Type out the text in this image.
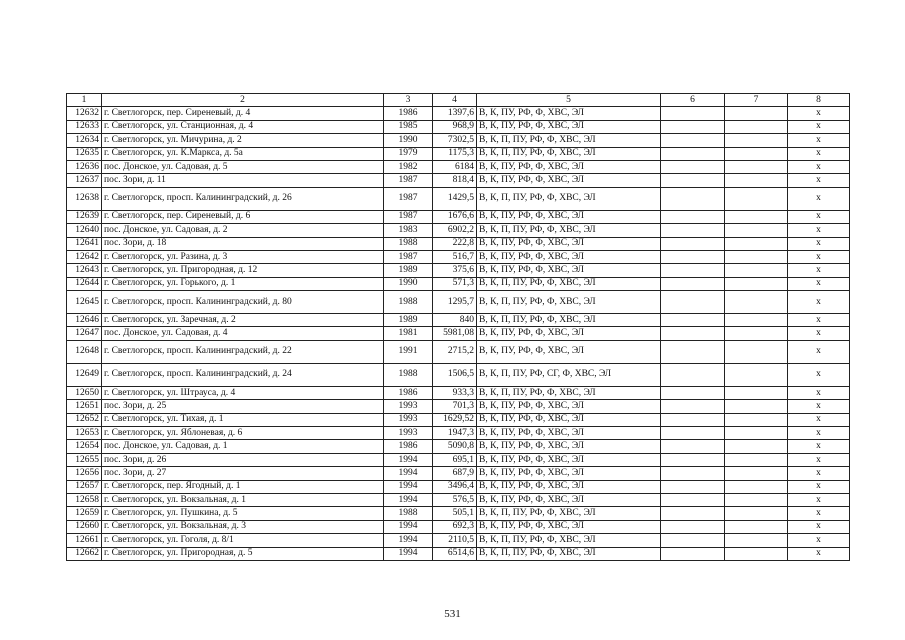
1	2	3	4	5	6	7	8
12632	г. Светлогорск, пер. Сиреневый, д. 4	1986	1397,6	В, К, ПУ, РФ, Ф, ХВС, ЭЛ			х
12633	г. Светлогорск, ул. Станционная, д. 4	1985	968,9	В, К, ПУ, РФ, Ф, ХВС, ЭЛ			х
12634	г. Светлогорск, ул. Мичурина, д. 2	1990	7302,5	В, К, П, ПУ, РФ, Ф, ХВС, ЭЛ			х
12635	г. Светлогорск, ул. К.Маркса, д. 5а	1979	1175,3	В, К, П, ПУ, РФ, Ф, ХВС, ЭЛ			х
12636	пос. Донское, ул. Садовая, д. 5	1982	6184	В, К, ПУ, РФ, Ф, ХВС, ЭЛ			х
12637	пос. Зори, д. 11	1987	818,4	В, К, ПУ, РФ, Ф, ХВС, ЭЛ			х
12638	г. Светлогорск, просп. Калининградский, д. 26	1987	1429,5	В, К, П, ПУ, РФ, Ф, ХВС, ЭЛ			х
12639	г. Светлогорск, пер. Сиреневый, д. 6	1987	1676,6	В, К, ПУ, РФ, Ф, ХВС, ЭЛ			х
12640	пос. Донское, ул. Садовая, д. 2	1983	6902,2	В, К, П, ПУ, РФ, Ф, ХВС, ЭЛ			х
12641	пос. Зори, д. 18	1988	222,8	В, К, ПУ, РФ, Ф, ХВС, ЭЛ			х
12642	г. Светлогорск, ул. Разина, д. 3	1987	516,7	В, К, ПУ, РФ, Ф, ХВС, ЭЛ			х
12643	г. Светлогорск, ул. Пригородная, д. 12	1989	375,6	В, К, ПУ, РФ, Ф, ХВС, ЭЛ			х
12644	г. Светлогорск, ул. Горького, д. 1	1990	571,3	В, К, П, ПУ, РФ, Ф, ХВС, ЭЛ			х
12645	г. Светлогорск, просп. Калининградский, д. 80	1988	1295,7	В, К, П, ПУ, РФ, Ф, ХВС, ЭЛ			х
12646	г. Светлогорск, ул. Заречная, д. 2	1989	840	В, К, П, ПУ, РФ, Ф, ХВС, ЭЛ			х
12647	пос. Донское, ул. Садовая, д. 4	1981	5981,08	В, К, ПУ, РФ, Ф, ХВС, ЭЛ			х
12648	г. Светлогорск, просп. Калининградский, д. 22	1991	2715,2	В, К, ПУ, РФ, Ф, ХВС, ЭЛ			х
12649	г. Светлогорск, просп. Калининградский, д. 24	1988	1506,5	В, К, П, ПУ, РФ, СГ, Ф, ХВС, ЭЛ			х
12650	г. Светлогорск, ул. Штрауса, д. 4	1986	933,3	В, К, П, ПУ, РФ, Ф, ХВС, ЭЛ			х
12651	пос. Зори, д. 25	1993	701,3	В, К, ПУ, РФ, Ф, ХВС, ЭЛ			х
12652	г. Светлогорск, ул. Тихая, д. 1	1993	1629,52	В, К, ПУ, РФ, Ф, ХВС, ЭЛ			х
12653	г. Светлогорск, ул. Яблоневая, д. 6	1993	1947,3	В, К, ПУ, РФ, Ф, ХВС, ЭЛ			х
12654	пос. Донское, ул. Садовая, д. 1	1986	5090,8	В, К, ПУ, РФ, Ф, ХВС, ЭЛ			х
12655	пос. Зори, д. 26	1994	695,1	В, К, ПУ, РФ, Ф, ХВС, ЭЛ			х
12656	пос. Зори, д. 27	1994	687,9	В, К, ПУ, РФ, Ф, ХВС, ЭЛ			х
12657	г. Светлогорск, пер. Ягодный, д. 1	1994	3496,4	В, К, ПУ, РФ, Ф, ХВС, ЭЛ			х
12658	г. Светлогорск, ул. Вокзальная, д. 1	1994	576,5	В, К, ПУ, РФ, Ф, ХВС, ЭЛ			х
12659	г. Светлогорск, ул. Пушкина, д. 5	1988	505,1	В, К, П, ПУ, РФ, Ф, ХВС, ЭЛ			х
12660	г. Светлогорск, ул. Вокзальная, д. 3	1994	692,3	В, К, ПУ, РФ, Ф, ХВС, ЭЛ			х
12661	г. Светлогорск, ул. Гоголя, д. 8/1	1994	2110,5	В, К, П, ПУ, РФ, Ф, ХВС, ЭЛ			х
12662	г. Светлогорск, ул. Пригородная, д. 5	1994	6514,6	В, К, П, ПУ, РФ, Ф, ХВС, ЭЛ			х
531
